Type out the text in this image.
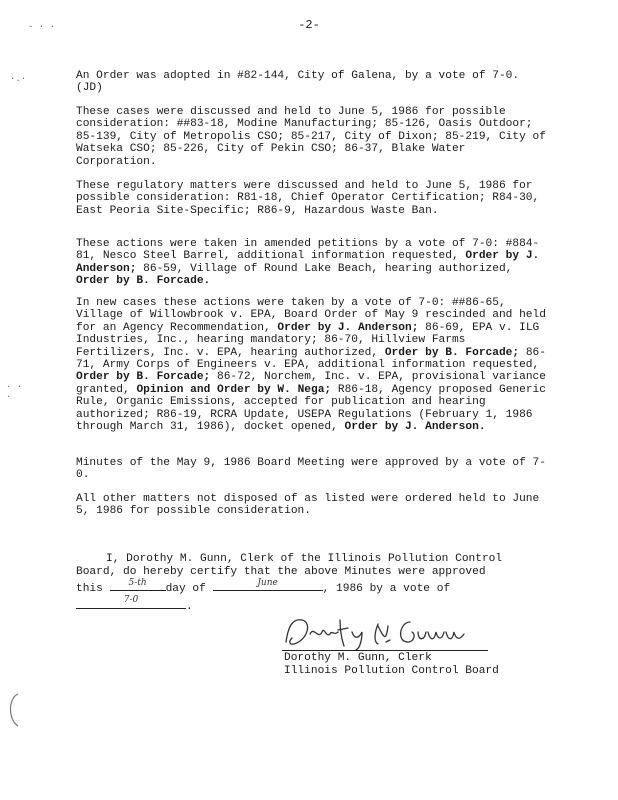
-2-
- · ·
·.·
· ·
·
An Order was adopted in #82-144, City of Galena, by a vote of 7-0. (JD)
These cases were discussed and held to June 5, 1986 for possible consideration: ##83-18, Modine Manufacturing; 85-126, Oasis Outdoor; 85-139, City of Metropolis CSO; 85-217, City of Dixon; 85-219, City of Watseka CSO; 85-226, City of Pekin CSO; 86-37, Blake Water Corporation.
These regulatory matters were discussed and held to June 5, 1986 for possible consideration: R81-18, Chief Operator Certification; R84-30, East Peoria Site-Specific; R86-9, Hazardous Waste Ban.
These actions were taken in amended petitions by a vote of 7-0: #884-81, Nesco Steel Barrel, additional information requested, Order by J. Anderson; 86-59, Village of Round Lake Beach, hearing authorized, Order by B. Forcade.
In new cases these actions were taken by a vote of 7-0: ##86-65, Village of Willowbrook v. EPA, Board Order of May 9 rescinded and held for an Agency Recommendation, Order by J. Anderson; 86-69, EPA v. ILG Industries, Inc., hearing mandatory; 86-70, Hillview Farms Fertilizers, Inc. v. EPA, hearing authorized, Order by B. Forcade; 86-71, Army Corps of Engineers v. EPA, additional information requested, Order by B. Forcade; 86-72, Norchem, Inc. v. EPA, provisional variance granted, Opinion and Order by W. Nega; R86-18, Agency proposed Generic Rule, Organic Emissions, accepted for publication and hearing authorized; R86-19, RCRA Update, USEPA Regulations (February 1, 1986 through March 31, 1986), docket opened, Order by J. Anderson.
Minutes of the May 9, 1986 Board Meeting were approved by a vote of 7-0.
All other matters not disposed of as listed were ordered held to June 5, 1986 for possible consideration.
I, Dorothy M. Gunn, Clerk of the Illinois Pollution Control Board, do hereby certify that the above Minutes were approved
this
5-th
day of
June
, 1986 by a vote of
7-0
.
Dorothy M. Gunn, Clerk
Illinois Pollution Control Board
